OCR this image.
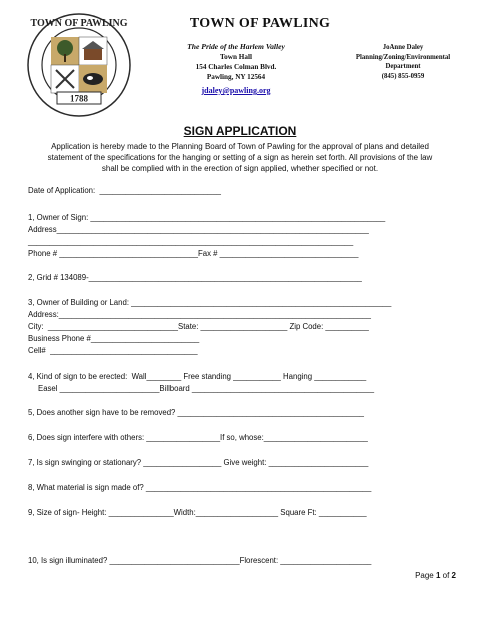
TOWN OF PAWLING
1788
TOWN OF PAWLING
The Pride of the Harlem Valley
Town Hall
154 Charles Colman Blvd.
Pawling, NY 12564
jdaley@pawling.org
JoAnne Daley
Planning/Zoning/Environmental
Department
(845) 855-0959
SIGN APPLICATION
Application is hereby made to the Planning Board of Town of Pawling for the approval of plans and detailed
statement of the specifications for the hanging or setting of a sign as herein set forth. All provisions of the law
shall be complied with in the erection of sign applied, whether specified or not.
Date of Application:  ____________________________
1, Owner of Sign: ____________________________________________________________________
Address________________________________________________________________________
___________________________________________________________________________
Phone # ________________________________Fax # ________________________________
2, Grid # 134089-_______________________________________________________________
3, Owner of Building or Land: ____________________________________________________________
Address:________________________________________________________________________
City:  ______________________________State: ____________________ Zip Code: __________
Business Phone #_________________________
Cell#  __________________________________
4, Kind of sign to be erected:  Wall________ Free standing ___________ Hanging ____________
Easel _______________________Billboard __________________________________________
5, Does another sign have to be removed? ___________________________________________
6, Does sign interfere with others: _________________If so, whose:________________________
7, Is sign swinging or stationary? __________________ Give weight: _______________________
8, What material is sign made of? ____________________________________________________
9, Size of sign- Height: _______________Width:___________________ Square Ft: ___________
10, Is sign illuminated? ______________________________Florescent: _____________________
Page 1 of 2
